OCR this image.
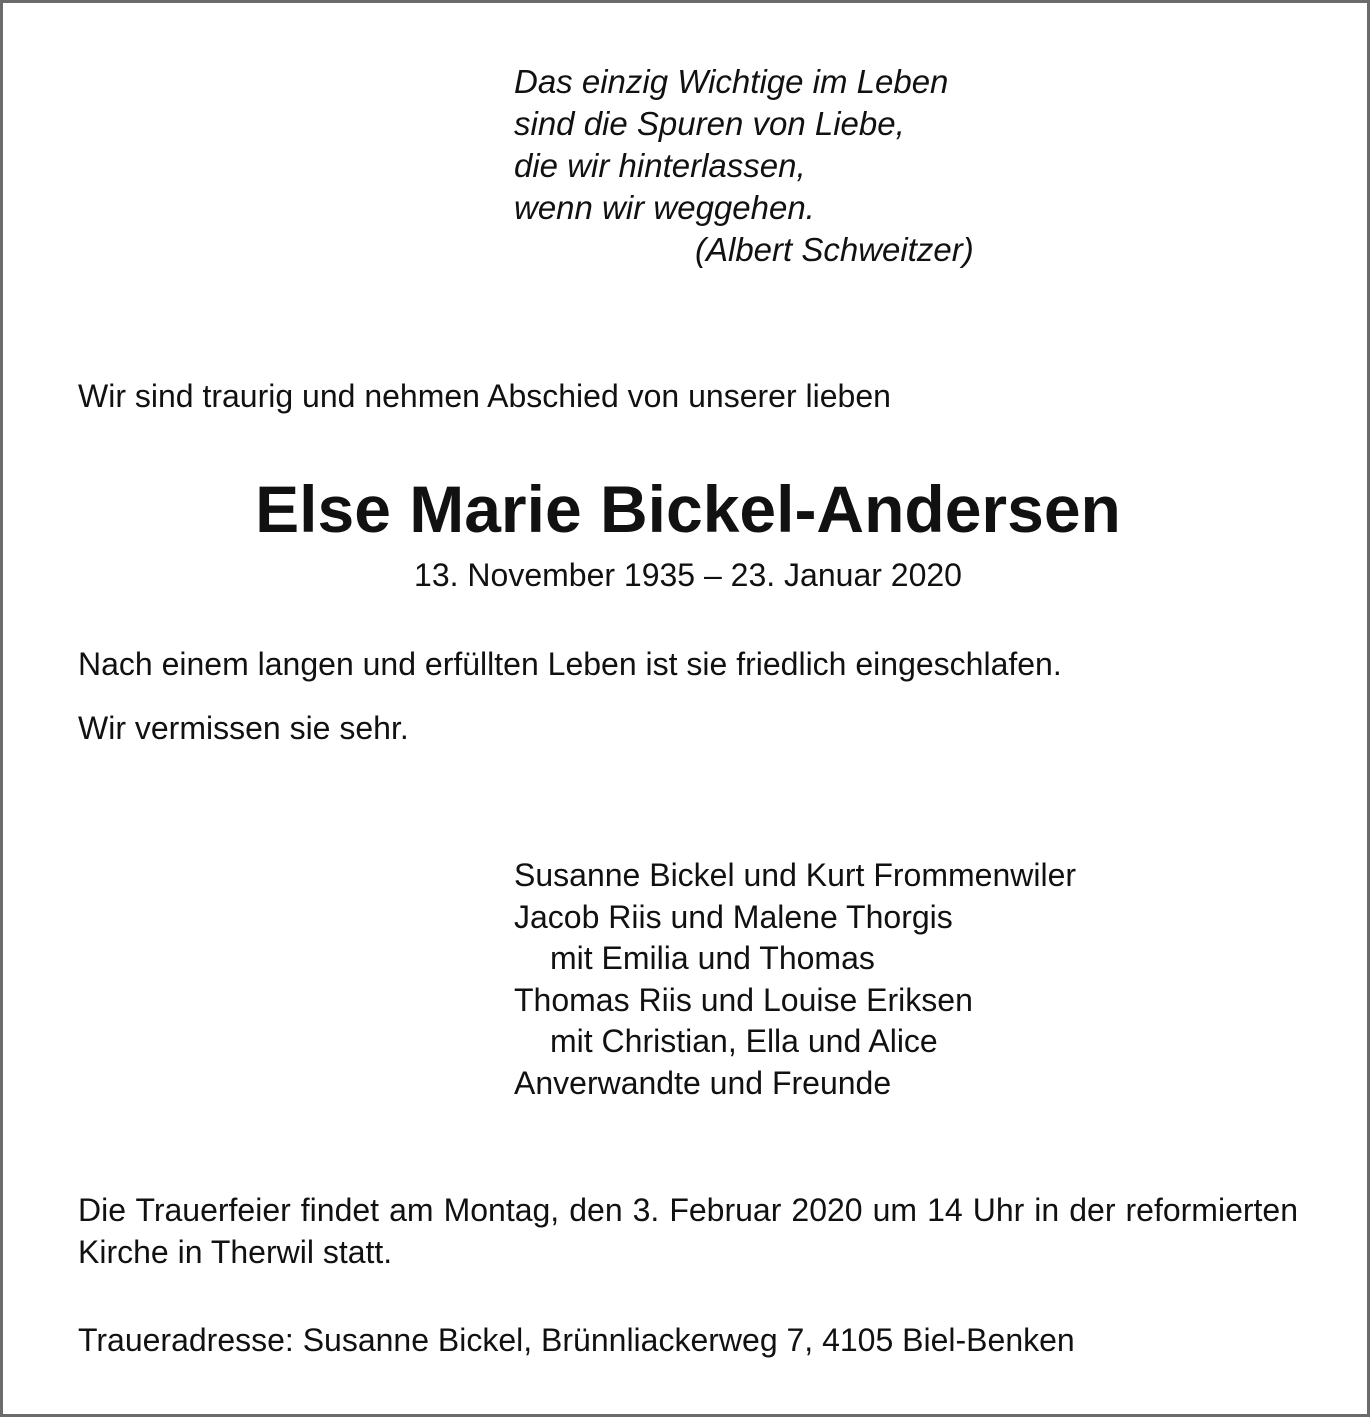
Das einzig Wichtige im Leben
sind die Spuren von Liebe,
die wir hinterlassen,
wenn wir weggehen.
(Albert Schweitzer)
Wir sind traurig und nehmen Abschied von unserer lieben
Else Marie Bickel-Andersen
13. November 1935 – 23. Januar 2020
Nach einem langen und erfüllten Leben ist sie friedlich eingeschlafen.
Wir vermissen sie sehr.
Susanne Bickel und Kurt Frommenwiler
Jacob Riis und Malene Thorgis
mit Emilia und Thomas
Thomas Riis und Louise Eriksen
mit Christian, Ella und Alice
Anverwandte und Freunde
Die Trauerfeier findet am Montag, den 3. Februar 2020 um 14 Uhr in der reformierten Kirche in Therwil statt.
Traueradresse: Susanne Bickel, Brünnliackerweg 7, 4105 Biel-Benken
